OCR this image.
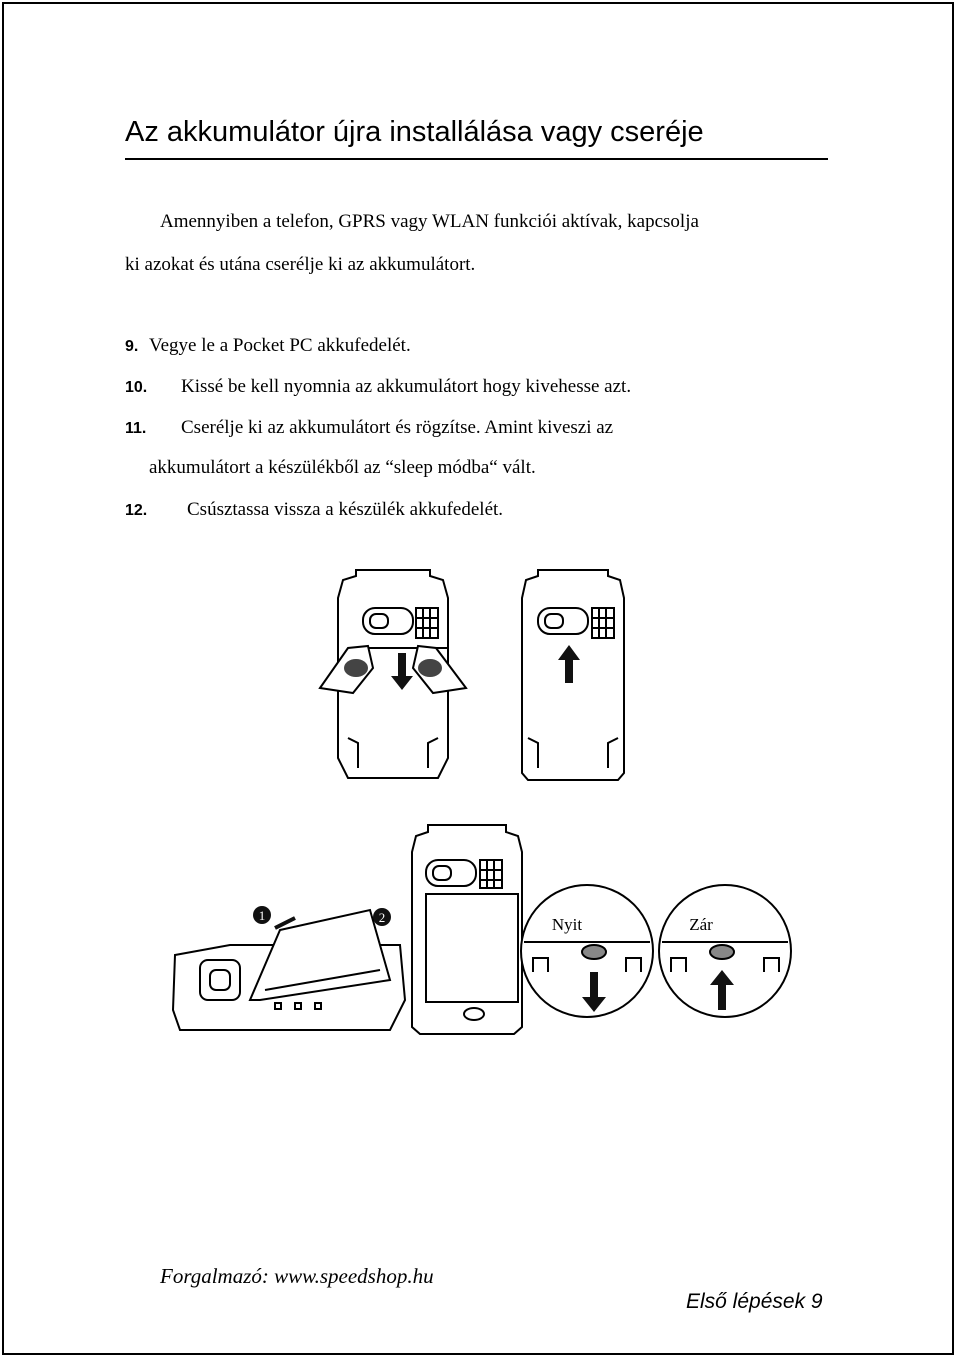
Az akkumulátor újra installálása vagy cseréje
Amennyiben a telefon, GPRS vagy WLAN funkciói aktívak, kapcsolja
ki azokat és utána cserélje ki az akkumulátort.
9. Vegye le a Pocket PC akkufedelét.
10. Kissé be kell nyomnia az akkumulátort hogy kivehesse azt.
11. Cserélje ki az akkumulátort és rögzítse. Amint kiveszi az
akkumulátort a készülékből az “sleep módba“ vált.
12. Csúsztassa vissza a készülék akkufedelét.
1	2	Nyit	Zár
Forgalmazó: www.speedshop.hu
Első lépések 9
